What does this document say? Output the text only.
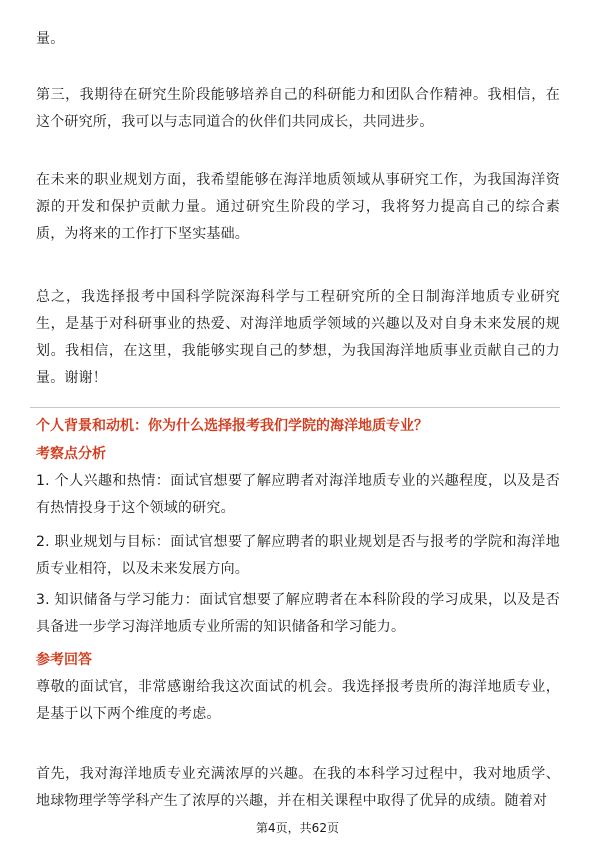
量。

第三，我期待在研究生阶段能够培养自己的科研能力和团队合作精神。我相信，在这个研究所，我可以与志同道合的伙伴们共同成长，共同进步。

在未来的职业规划方面，我希望能够在海洋地质领域从事研究工作，为我国海洋资源的开发和保护贡献力量。通过研究生阶段的学习，我将努力提高自己的综合素质，为将来的工作打下坚实基础。

总之，我选择报考中国科学院深海科学与工程研究所的全日制海洋地质专业研究生，是基于对科研事业的热爱、对海洋地质学领域的兴趣以及对自身未来发展的规划。我相信，在这里，我能够实现自己的梦想，为我国海洋地质事业贡献自己的力量。谢谢！

个人背景和动机：你为什么选择报考我们学院的海洋地质专业？

考察点分析

1. 个人兴趣和热情：面试官想要了解应聘者对海洋地质专业的兴趣程度，以及是否有热情投身于这个领域的研究。

2. 职业规划与目标：面试官想要了解应聘者的职业规划是否与报考的学院和海洋地质专业相符，以及未来发展方向。

3. 知识储备与学习能力：面试官想要了解应聘者在本科阶段的学习成果，以及是否具备进一步学习海洋地质专业所需的知识储备和学习能力。

参考回答

尊敬的面试官，非常感谢给我这次面试的机会。我选择报考贵所的海洋地质专业，是基于以下两个维度的考虑。

首先，我对海洋地质专业充满浓厚的兴趣。在我的本科学习过程中，我对地质学、地球物理学等学科产生了浓厚的兴趣，并在相关课程中取得了优异的成绩。随着对

第4页，共62页
